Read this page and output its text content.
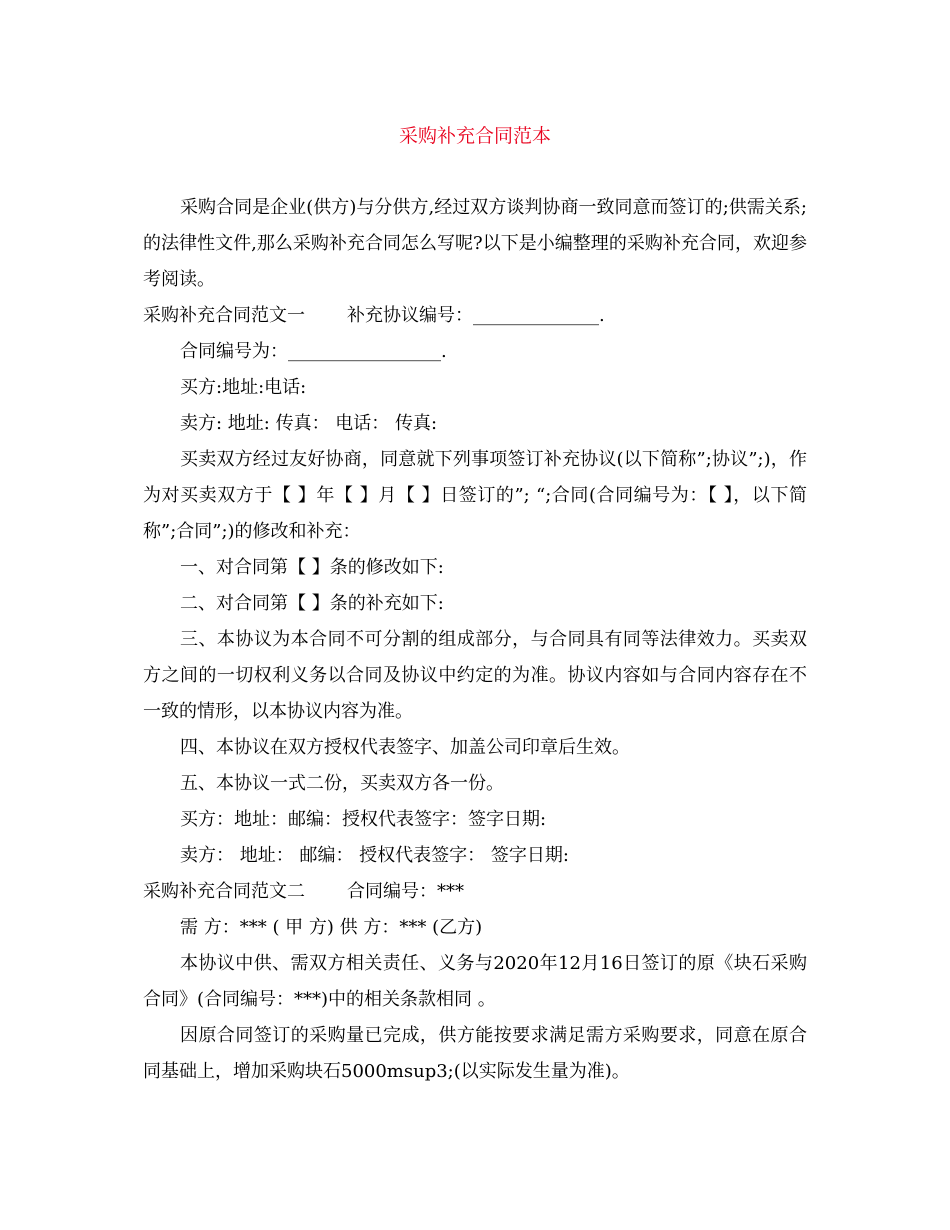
采购补充合同范本

采购合同是企业(供方)与分供方,经过双方谈判协商一致同意而签订的;供需关系;的法律性文件,那么采购补充合同怎么写呢?以下是小编整理的采购补充合同，欢迎参考阅读。

采购补充合同范文一 补充协议编号：______________.

合同编号为：_________________.

买方:地址:电话:

卖方: 地址: 传真： 电话： 传真:

买卖双方经过友好协商，同意就下列事项签订补充协议(以下简称”;协议”;)，作为对买卖双方于【 】年【 】月【 】日签订的”; “;合同(合同编号为：【 】，以下简称”;合同”;)的修改和补充：

一、对合同第【 】条的修改如下:

二、对合同第【 】条的补充如下:

三、本协议为本合同不可分割的组成部分，与合同具有同等法律效力。买卖双方之间的一切权利义务以合同及协议中约定的为准。协议内容如与合同内容存在不一致的情形，以本协议内容为准。

四、本协议在双方授权代表签字、加盖公司印章后生效。

五、本协议一式二份，买卖双方各一份。

买方：地址：邮编：授权代表签字：签字日期:

卖方： 地址： 邮编： 授权代表签字： 签字日期:

采购补充合同范文二 合同编号：***

需 方：*** ( 甲 方) 供 方：*** (乙方)

本协议中供、需双方相关责任、义务与2020年12月16日签订的原《块石采购合同》(合同编号：***)中的相关条款相同 。

因原合同签订的采购量已完成，供方能按要求满足需方采购要求，同意在原合同基础上，增加采购块石5000msup3;(以实际发生量为准)。
